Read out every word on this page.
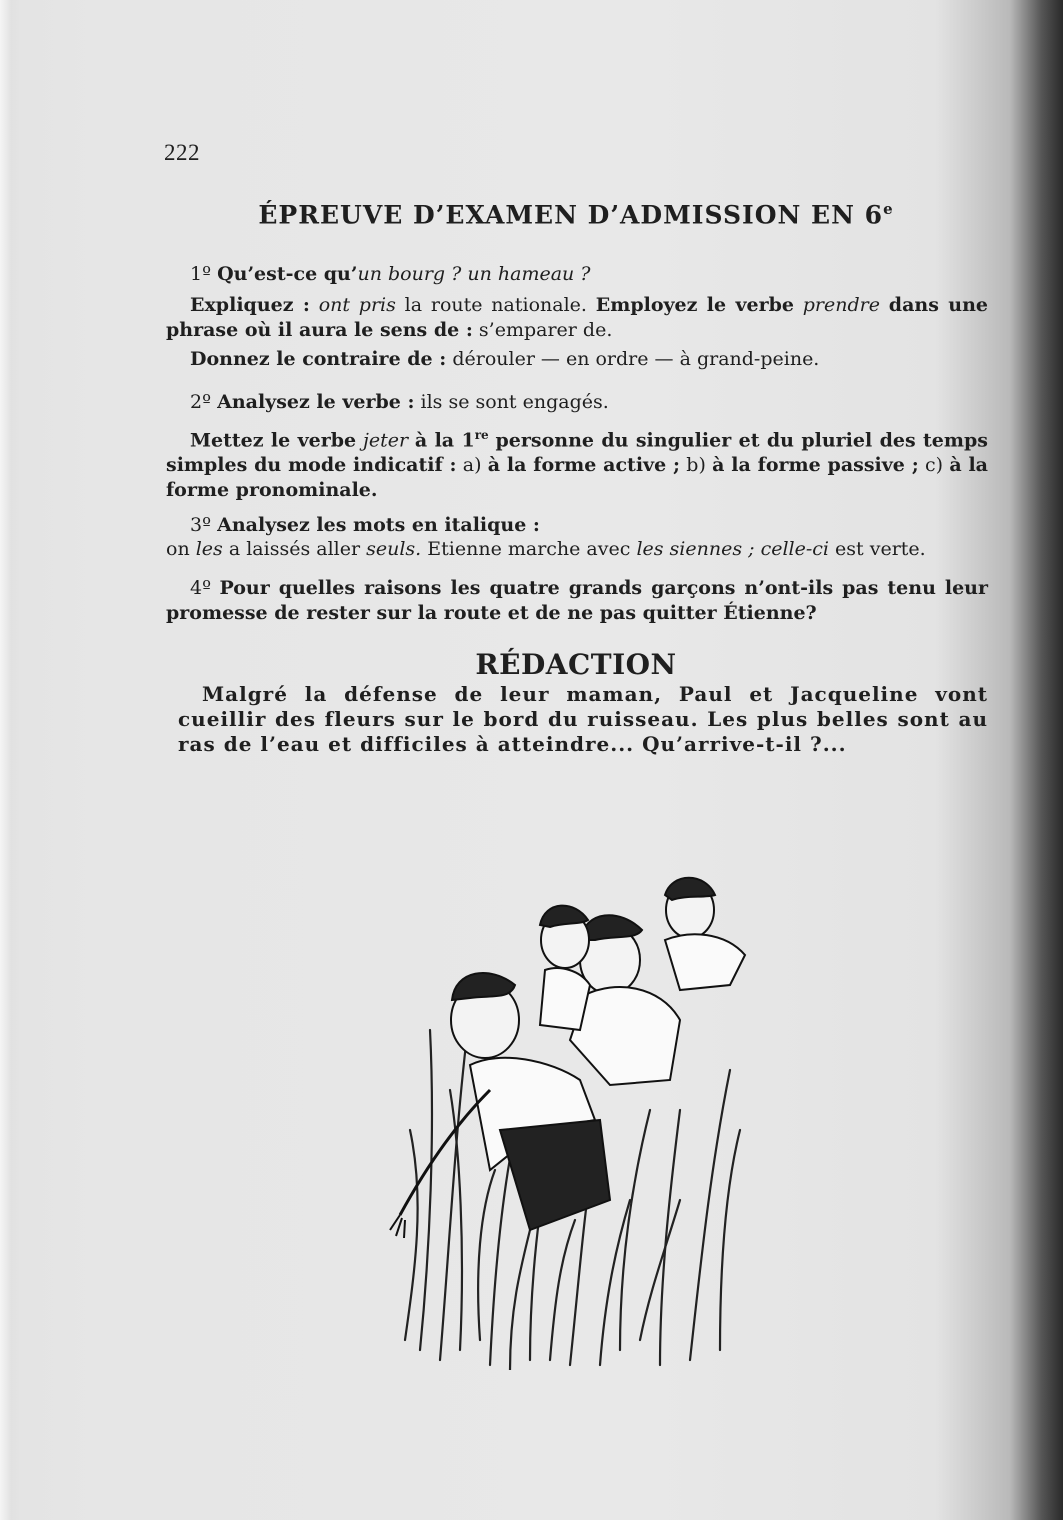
222
ÉPREUVE D’EXAMEN D’ADMISSION EN 6e
1º Qu’est-ce qu’un bourg ? un hameau ?
Expliquez : ont pris la route nationale. Employez le verbe prendre dans une phrase où il aura le sens de : s’emparer de.
Donnez le contraire de : dérouler — en ordre — à grand-peine.
2º Analysez le verbe : ils se sont engagés.
Mettez le verbe jeter à la 1re personne du singulier et du pluriel des temps simples du mode indicatif : a) à la forme active ; b) à la forme passive ; c) à la forme pronominale.
3º Analysez les mots en italique :
on les a laissés aller seuls. Etienne marche avec les siennes ; celle-ci est verte.
4º Pour quelles raisons les quatre grands garçons n’ont-ils pas tenu leur promesse de rester sur la route et de ne pas quitter Étienne?
RÉDACTION
Malgré la défense de leur maman, Paul et Jacqueline vont cueillir des fleurs sur le bord du ruisseau. Les plus belles sont au ras de l’eau et difficiles à atteindre... Qu’arrive-t-il ?...
